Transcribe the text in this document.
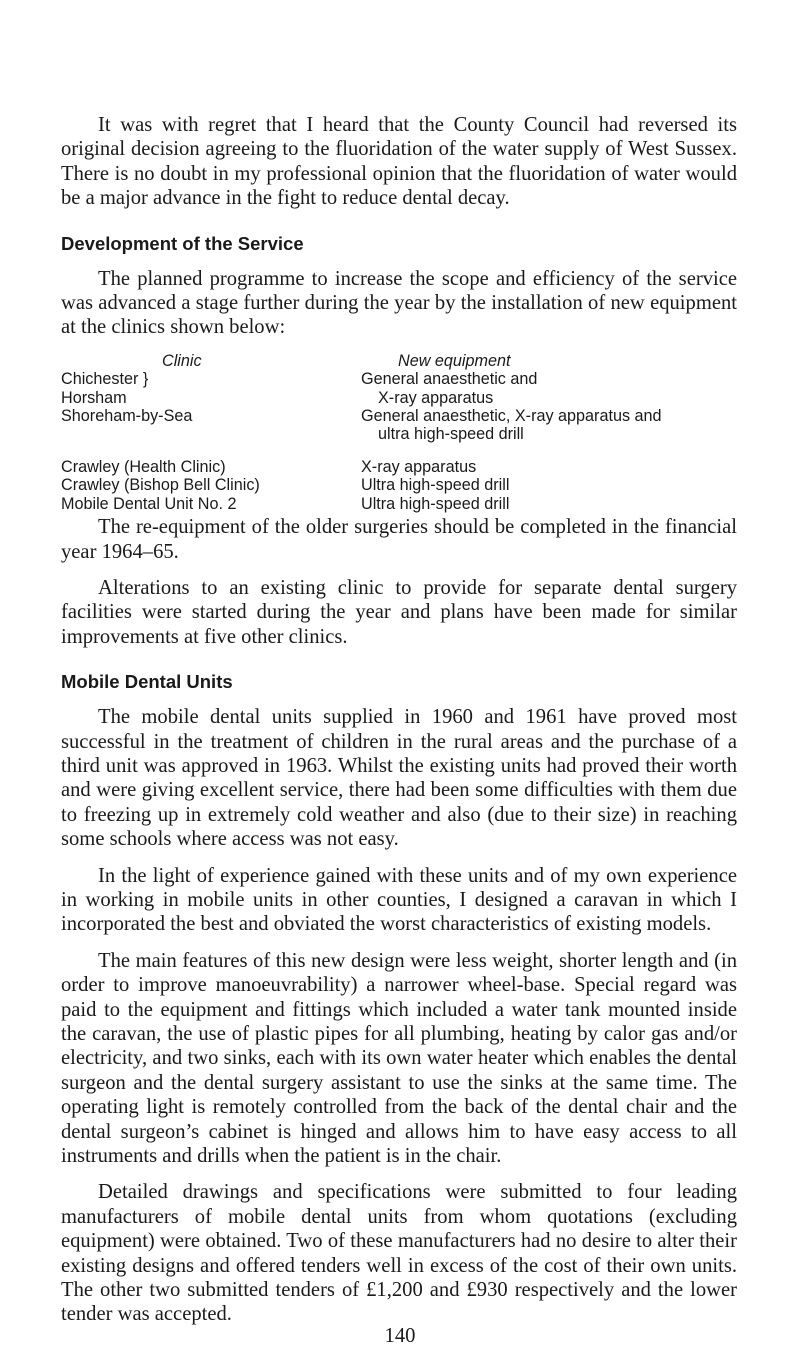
It was with regret that I heard that the County Council had reversed its original decision agreeing to the fluoridation of the water supply of West Sussex. There is no doubt in my professional opinion that the fluoridation of water would be a major advance in the fight to reduce dental decay.

Development of the Service

The planned programme to increase the scope and efficiency of the service was advanced a stage further during the year by the installation of new equipment at the clinics shown below:

Clinic	New equipment
Chichester }	General anaesthetic and
Horsham	X-ray apparatus
Shoreham-by-Sea	General anaesthetic, X-ray apparatus and
ultra high-speed drill
Crawley (Health Clinic)	X-ray apparatus
Crawley (Bishop Bell Clinic)	Ultra high-speed drill
Mobile Dental Unit No. 2	Ultra high-speed drill

The re-equipment of the older surgeries should be completed in the financial year 1964–65.

Alterations to an existing clinic to provide for separate dental surgery facilities were started during the year and plans have been made for similar improvements at five other clinics.

Mobile Dental Units

The mobile dental units supplied in 1960 and 1961 have proved most successful in the treatment of children in the rural areas and the purchase of a third unit was approved in 1963. Whilst the existing units had proved their worth and were giving excellent service, there had been some difficulties with them due to freezing up in extremely cold weather and also (due to their size) in reaching some schools where access was not easy.

In the light of experience gained with these units and of my own experience in working in mobile units in other counties, I designed a caravan in which I incorporated the best and obviated the worst characteristics of existing models.

The main features of this new design were less weight, shorter length and (in order to improve manoeuvrability) a narrower wheel-base. Special regard was paid to the equipment and fittings which included a water tank mounted inside the caravan, the use of plastic pipes for all plumbing, heating by calor gas and/or electricity, and two sinks, each with its own water heater which enables the dental surgeon and the dental surgery assistant to use the sinks at the same time. The operating light is remotely controlled from the back of the dental chair and the dental surgeon’s cabinet is hinged and allows him to have easy access to all instruments and drills when the patient is in the chair.

Detailed drawings and specifications were submitted to four leading manufacturers of mobile dental units from whom quotations (excluding equipment) were obtained. Two of these manufacturers had no desire to alter their existing designs and offered tenders well in excess of the cost of their own units. The other two submitted tenders of £1,200 and £930 respectively and the lower tender was accepted.

140
